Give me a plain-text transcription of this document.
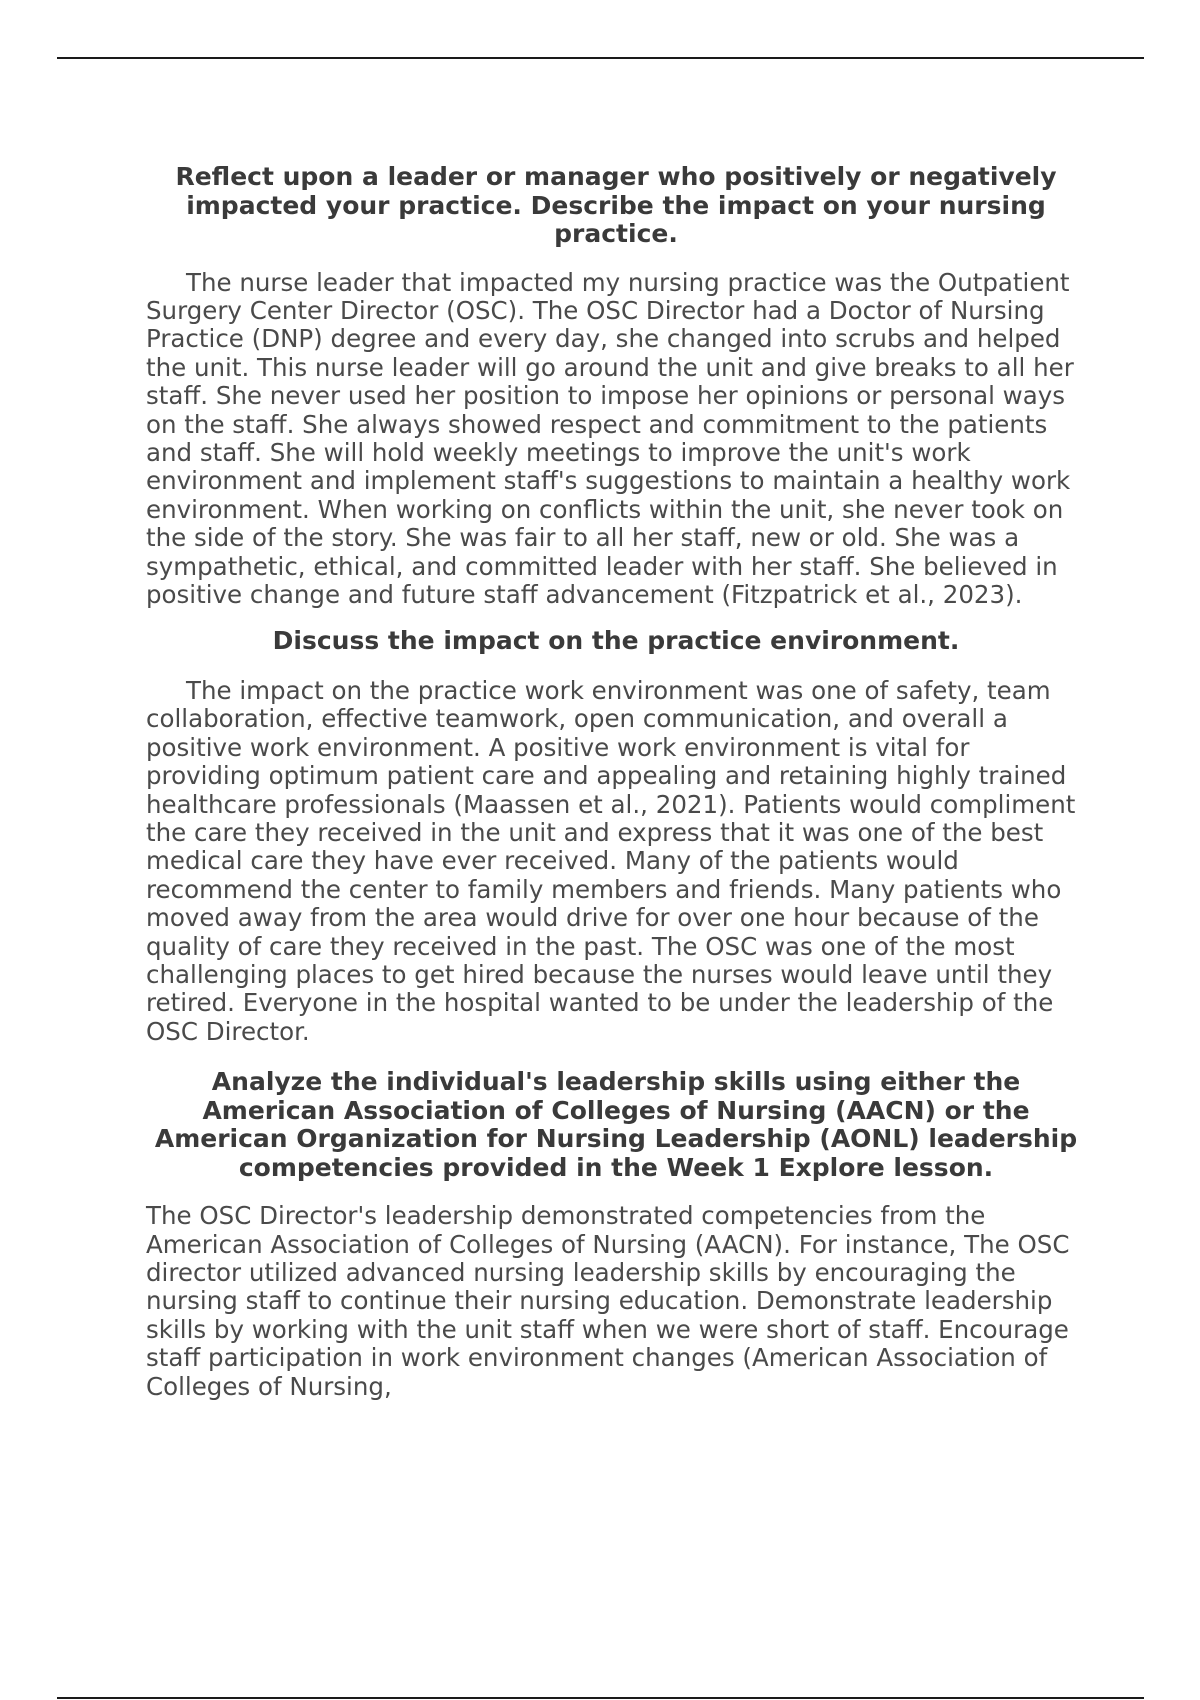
Reflect upon a leader or manager who positively or negatively impacted your practice. Describe the impact on your nursing practice.

The nurse leader that impacted my nursing practice was the Outpatient Surgery Center Director (OSC). The OSC Director had a Doctor of Nursing Practice (DNP) degree and every day, she changed into scrubs and helped the unit. This nurse leader will go around the unit and give breaks to all her staff. She never used her position to impose her opinions or personal ways on the staff. She always showed respect and commitment to the patients and staff. She will hold weekly meetings to improve the unit's work environment and implement staff's suggestions to maintain a healthy work environment. When working on conflicts within the unit, she never took on the side of the story. She was fair to all her staff, new or old. She was a sympathetic, ethical, and committed leader with her staff. She believed in positive change and future staff advancement (Fitzpatrick et al., 2023).

Discuss the impact on the practice environment.

The impact on the practice work environment was one of safety, team collaboration, effective teamwork, open communication, and overall a positive work environment. A positive work environment is vital for providing optimum patient care and appealing and retaining highly trained healthcare professionals (Maassen et al., 2021). Patients would compliment the care they received in the unit and express that it was one of the best medical care they have ever received. Many of the patients would recommend the center to family members and friends. Many patients who moved away from the area would drive for over one hour because of the quality of care they received in the past. The OSC was one of the most challenging places to get hired because the nurses would leave until they retired. Everyone in the hospital wanted to be under the leadership of the OSC Director.

Analyze the individual's leadership skills using either the American Association of Colleges of Nursing (AACN) or the American Organization for Nursing Leadership (AONL) leadership competencies provided in the Week 1 Explore lesson.

The OSC Director's leadership demonstrated competencies from the American Association of Colleges of Nursing (AACN). For instance, The OSC director utilized advanced nursing leadership skills by encouraging the nursing staff to continue their nursing education. Demonstrate leadership skills by working with the unit staff when we were short of staff. Encourage staff participation in work environment changes (American Association of Colleges of Nursing,
